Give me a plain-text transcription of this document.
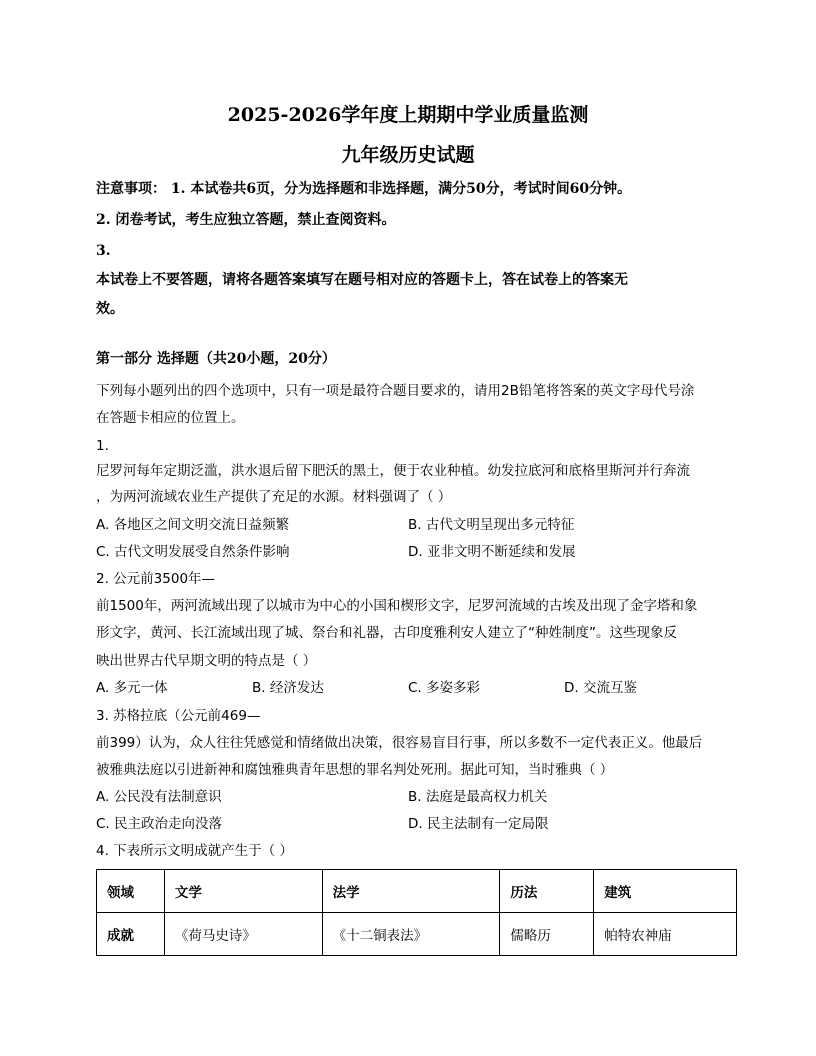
2025-2026学年度上期期中学业质量监测
九年级历史试题
注意事项： 1. 本试卷共6页，分为选择题和非选择题，满分50分，考试时间60分钟。
2. 闭卷考试，考生应独立答题，禁止查阅资料。
3.
本试卷上不要答题，请将各题答案填写在题号相对应的答题卡上，答在试卷上的答案无
效。
第一部分 选择题（共20小题，20分）
下列每小题列出的四个选项中，只有一项是最符合题目要求的，请用2B铅笔将答案的英文字母代号涂
在答题卡相应的位置上。
1.
尼罗河每年定期泛滥，洪水退后留下肥沃的黑土，便于农业种植。幼发拉底河和底格里斯河并行奔流
，为两河流域农业生产提供了充足的水源。材料强调了（ ）
A. 各地区之间文明交流日益频繁	B. 古代文明呈现出多元特征
C. 古代文明发展受自然条件影响	D. 亚非文明不断延续和发展
2. 公元前3500年—
前1500年，两河流域出现了以城市为中心的小国和楔形文字，尼罗河流域的古埃及出现了金字塔和象
形文字，黄河、长江流域出现了城、祭台和礼器，古印度雅利安人建立了“种姓制度”。这些现象反
映出世界古代早期文明的特点是（ ）
A. 多元一体	B. 经济发达	C. 多姿多彩	D. 交流互鉴
3. 苏格拉底（公元前469—
前399）认为，众人往往凭感觉和情绪做出决策，很容易盲目行事，所以多数不一定代表正义。他最后
被雅典法庭以引进新神和腐蚀雅典青年思想的罪名判处死刑。据此可知，当时雅典（ ）
A. 公民没有法制意识	B. 法庭是最高权力机关
C. 民主政治走向没落	D. 民主法制有一定局限
4. 下表所示文明成就产生于（ ）
领域	文学	法学	历法	建筑
成就	《荷马史诗》	《十二铜表法》	儒略历	帕特农神庙
